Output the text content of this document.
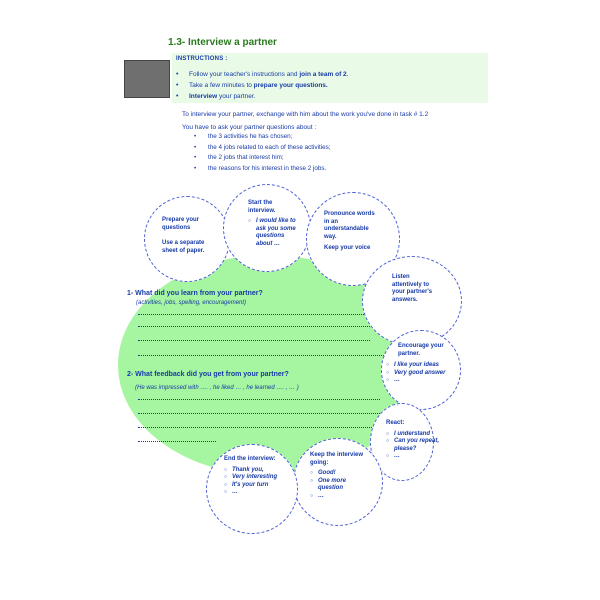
1.3- Interview a partner
INSTRUCTIONS :
• Follow your teacher's instructions and join a team of 2.
• Take a few minutes to prepare your questions.
• Interview your partner.
To interview your partner, exchange with him about the work you've done in task # 1.2
You have to ask your partner questions about :
• the 3 activities he has chosen;
• the 4 jobs related to each of these activities;
• the 2 jobs that interest him;
• the reasons for his interest in these 2 jobs.
1- What did you learn from your partner?
(activities, jobs, spelling, encouragement)
2- What feedback did you get from your partner?
(He was impressed with …. , he liked … , he learned …. , … )
Prepare your
questions
Use a separate
sheet of paper.
Start the
interview.
○ I would like to
ask you some
questions
about …
Pronounce words
in an
understandable
way.
Keep your voice
Listen
attentively to
your partner's
answers.
Encourage your
partner.
○ I like your ideas
○ Very good answer
○ …
React:
○ I understand
○ Can you repeat,
please?
○ …
Keep the interview
going:
○ Good!
○ One more
question
○ …
End the interview:
○ Thank you,
○ Very interesting
○ It's your turn
○ …
